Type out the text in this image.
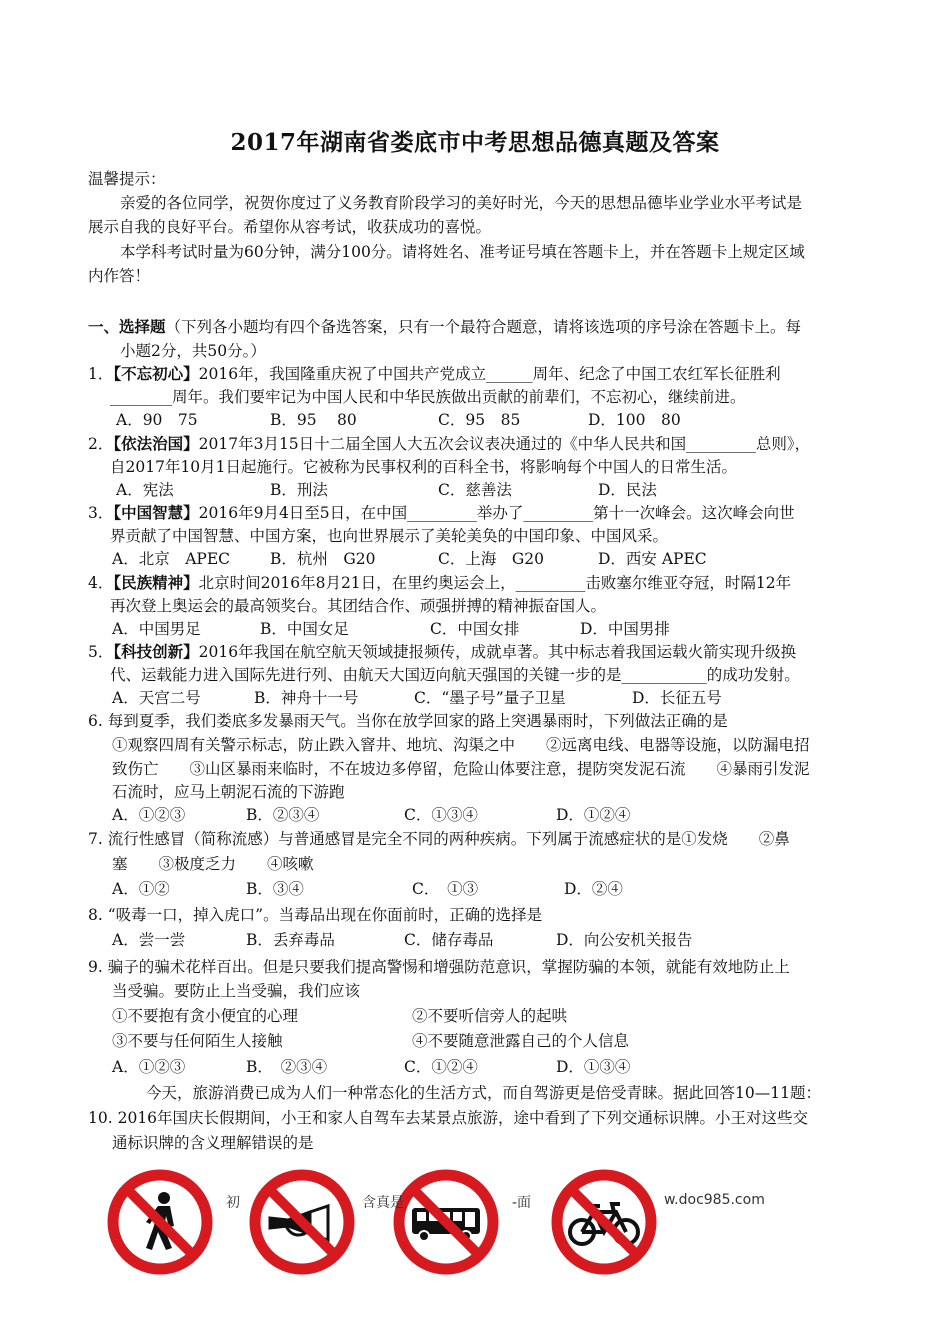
2017年湖南省娄底市中考思想品德真题及答案
温馨提示：
亲爱的各位同学，祝贺你度过了义务教育阶段学习的美好时光，今天的思想品德毕业学业水平考试是
展示自我的良好平台。希望你从容考试，收获成功的喜悦。
本学科考试时量为60分钟，满分100分。请将姓名、准考证号填在答题卡上，并在答题卡上规定区域
内作答！
一、选择题（下列各小题均有四个备选答案，只有一个最符合题意，请将该选项的序号涂在答题卡上。每
小题2分，共50分。）
1．【不忘初心】2016年，我国隆重庆祝了中国共产党成立______周年、纪念了中国工农红军长征胜利
________周年。我们要牢记为中国人民和中华民族做出贡献的前辈们，不忘初心，继续前进。
A．90　75	B．95　 80	C．95　85	D．100　80
2．【依法治国】2017年3月15日十二届全国人大五次会议表决通过的《中华人民共和国_________总则》，
自2017年10月1日起施行。它被称为民事权利的百科全书，将影响每个中国人的日常生活。
A．宪法	B．刑法	C．慈善法	D．民法
3．【中国智慧】2016年9月4日至5日，在中国_________举办了_________第十一次峰会。这次峰会向世
界贡献了中国智慧、中国方案，也向世界展示了美轮美奂的中国印象、中国风采。
A．北京　APEC	B．杭州　G20	C．上海　G20	D．西安 APEC
4．【民族精神】北京时间2016年8月21日，在里约奥运会上，_________击败塞尔维亚夺冠，时隔12年
再次登上奥运会的最高领奖台。其团结合作、顽强拼搏的精神振奋国人。
A．中国男足	B．中国女足	C．中国女排	D．中国男排
5．【科技创新】2016年我国在航空航天领域捷报频传，成就卓著。其中标志着我国运载火箭实现升级换
代、运载能力进入国际先进行列、由航天大国迈向航天强国的关键一步的是___________的成功发射。
A．天宫二号	B．神舟十一号	C．“墨子号”量子卫星	D．长征五号
6. 每到夏季，我们娄底多发暴雨天气。当你在放学回家的路上突遇暴雨时，下列做法正确的是
①观察四周有关警示标志，防止跌入窨井、地坑、沟渠之中　　②远离电线、电器等设施，以防漏电招
致伤亡　　③山区暴雨来临时，不在坡边多停留，危险山体要注意，提防突发泥石流　　④暴雨引发泥
石流时，应马上朝泥石流的下游跑
A．①②③	B．②③④	C．①③④	D．①②④
7. 流行性感冒（简称流感）与普通感冒是完全不同的两种疾病。下列属于流感症状的是①发烧　　②鼻
塞　　③极度乏力　　④咳嗽
A．①②	B．③④	C．　①③	D．②④
8. “吸毒一口，掉入虎口”。当毒品出现在你面前时，正确的选择是
A．尝一尝	B．丢弃毒品	C．储存毒品	D．向公安机关报告
9. 骗子的骗术花样百出。但是只要我们提高警惕和增强防范意识，掌握防骗的本领，就能有效地防止上
当受骗。要防止上当受骗，我们应该
①不要抱有贪小便宜的心理	②不要听信旁人的起哄
③不要与任何陌生人接触	④不要随意泄露自己的个人信息
A．①②③	B．　②③④	C．①②④	D．①③④
今天，旅游消费已成为人们一种常态化的生活方式，而自驾游更是倍受青睐。据此回答10—11题：
10. 2016年国庆长假期间，小王和家人自驾车去某景点旅游，途中看到了下列交通标识牌。小王对这些交
通标识牌的含义理解错误的是
初	含真是	-面	w.doc985.com
